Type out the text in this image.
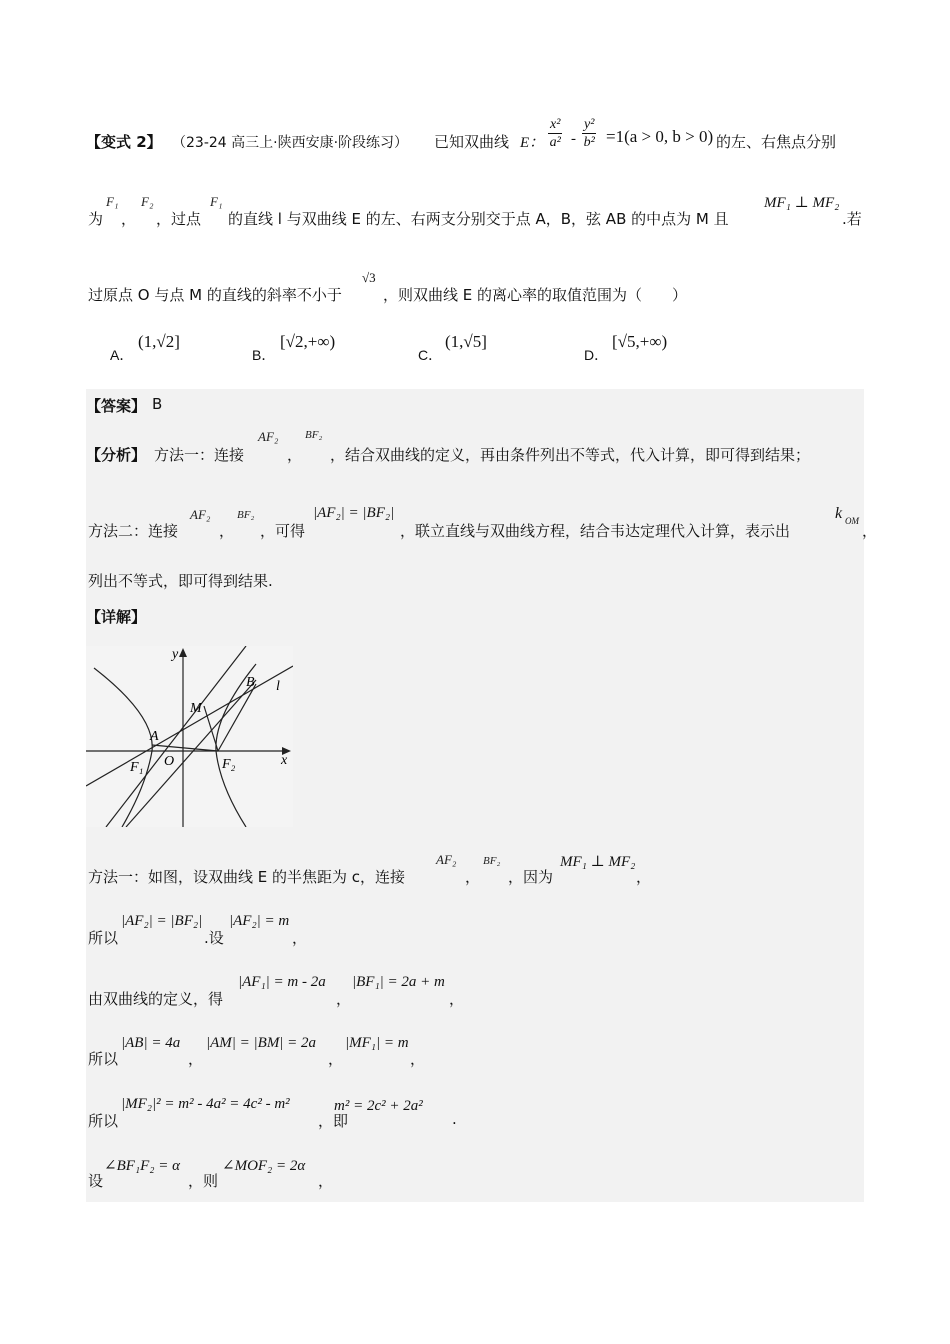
【变式 2】 （23-24 高三上·陕西安康·阶段练习） 已知双曲线 E： $\frac{\text{x²}}{\text{a²}} - \frac{\text{y²}}{\text{b²}} =1(a > 0$, b > 0) 的左、右焦点分别
为
F₁
，
F₂
，过点
F₁
的直线 l 与双曲线 E 的左、右两支分别交于点 A，B，弦 AB 的中点为 M 且
MF₁ ⊥ MF₂
.若
过原点 O 与点 M 的直线的斜率不小于
√3
，则双曲线 E 的离心率的取值范围为（　　）
A．
(1,√2]
B．
[√2,+∞)
C．
(1,√5]
D．
[√5,+∞)
【答案】 B
【分析】 方法一：连接
AF₂
，
BF₂
，结合双曲线的定义，再由条件列出不等式，代入计算，即可得到结果；
方法二：连接
AF₂
，
BF₂
，可得
|AF₂| = |BF₂|
，联立直线与双曲线方程，结合韦达定理代入计算，表示出
k OM
，
列出不等式，即可得到结果.
【详解】
y
x
B l
M
A
F₁ O	F₂
方法一：如图，设双曲线 E 的半焦距为 c，连接
AF₂
，
BF₂
，因为
MF₁ ⊥ MF₂
，
所以
|AF₂| = |BF₂|
.设
|AF₂| = m
，
由双曲线的定义，得
|AF₁| = m - 2a
，
|BF₁| = 2a + m
，
所以
|AB| = 4a
，
|AM| = |BM| = 2a
，
|MF₁| = m
，
所以
|MF₂|² = m² - 4a² = 4c² - m²
，即
m² = 2c² + 2a²
.
设
∠BF₁F₂ = α
，则
∠MOF₂ = 2α
，
